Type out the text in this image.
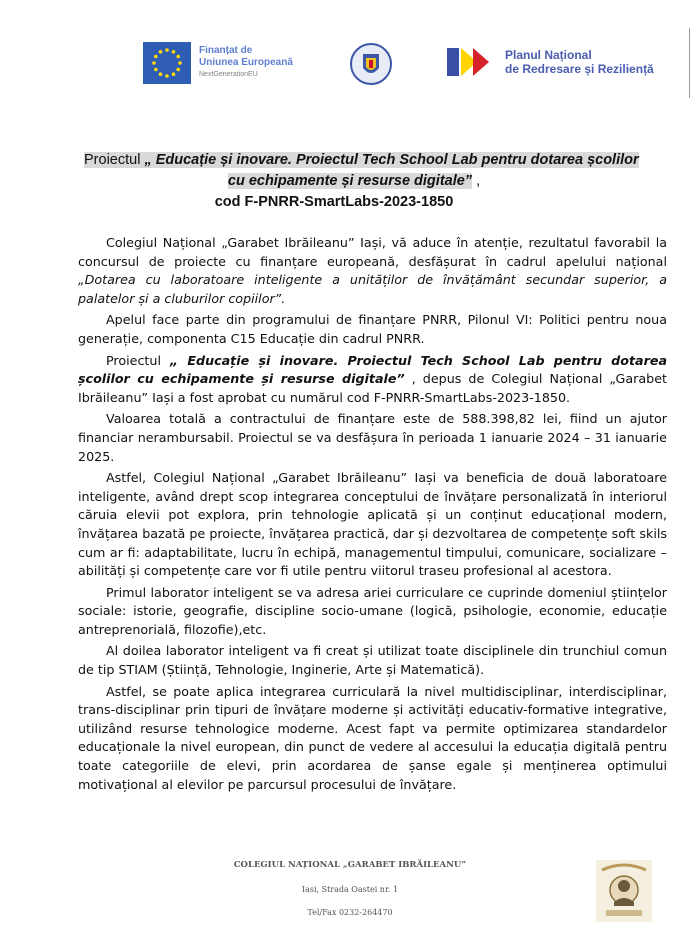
Finanțat de
Uniunea Europeană
NextGenerationEU
Planul Național
de Redresare și Reziliență
Proiectul „ Educație și inovare. Proiectul Tech School Lab pentru dotarea școlilor
cu echipamente și resurse digitale” ,
cod F-PNRR-SmartLabs-2023-1850

Colegiul Național „Garabet Ibrăileanu” Iași, vă aduce în atenție, rezultatul favorabil la concursul de proiecte cu finanțare europeană, desfășurat în cadrul apelului național „Dotarea cu laboratoare inteligente a unităților de învățământ secundar superior, a palatelor și a cluburilor copiilor”.

Apelul face parte din programului de finanțare PNRR, Pilonul VI: Politici pentru noua generație, componenta C15 Educație din cadrul PNRR.

Proiectul „ Educație și inovare. Proiectul Tech School Lab pentru dotarea școlilor cu echipamente și resurse digitale” , depus de Colegiul Național „Garabet Ibrăileanu” Iași a fost aprobat cu numărul cod F-PNRR-SmartLabs-2023-1850.

Valoarea totală a contractului de finanțare este de 588.398,82 lei, fiind un ajutor financiar nerambursabil. Proiectul se va desfășura în perioada 1 ianuarie 2024 – 31 ianuarie 2025.

Astfel, Colegiul Național „Garabet Ibrăileanu” Iași va beneficia de două laboratoare inteligente, având drept scop integrarea conceptului de învățare personalizată în interiorul căruia elevii pot explora, prin tehnologie aplicată și un conținut educațional modern, învățarea bazată pe proiecte, învățarea practică, dar și dezvoltarea de competențe soft skils cum ar fi: adaptabilitate, lucru în echipă, managementul timpului, comunicare, socializare – abilități și competențe care vor fi utile pentru viitorul traseu profesional al acestora.

Primul laborator inteligent se va adresa ariei curriculare ce cuprinde domeniul științelor sociale: istorie, geografie, discipline socio-umane (logică, psihologie, economie, educație antreprenorială, filozofie),etc.

Al doilea laborator inteligent va fi creat și utilizat toate disciplinele din trunchiul comun de tip STIAM (Știință, Tehnologie, Inginerie, Arte și Matematică).

Astfel, se poate aplica integrarea curriculară la nivel multidisciplinar, interdisciplinar, trans-disciplinar prin tipuri de învățare moderne și activități educativ-formative integrative, utilizând resurse tehnologice moderne. Acest fapt va permite optimizarea standardelor educaționale la nivel european, din punct de vedere al accesului la educația digitală pentru toate categoriile de elevi, prin acordarea de șanse egale și menținerea optimului motivațional al elevilor pe parcursul procesului de învățare.

COLEGIUL NAȚIONAL „GARABET IBRĂILEANU”
Iasi, Strada Oastei nr. 1
Tel/Fax 0232-264470
